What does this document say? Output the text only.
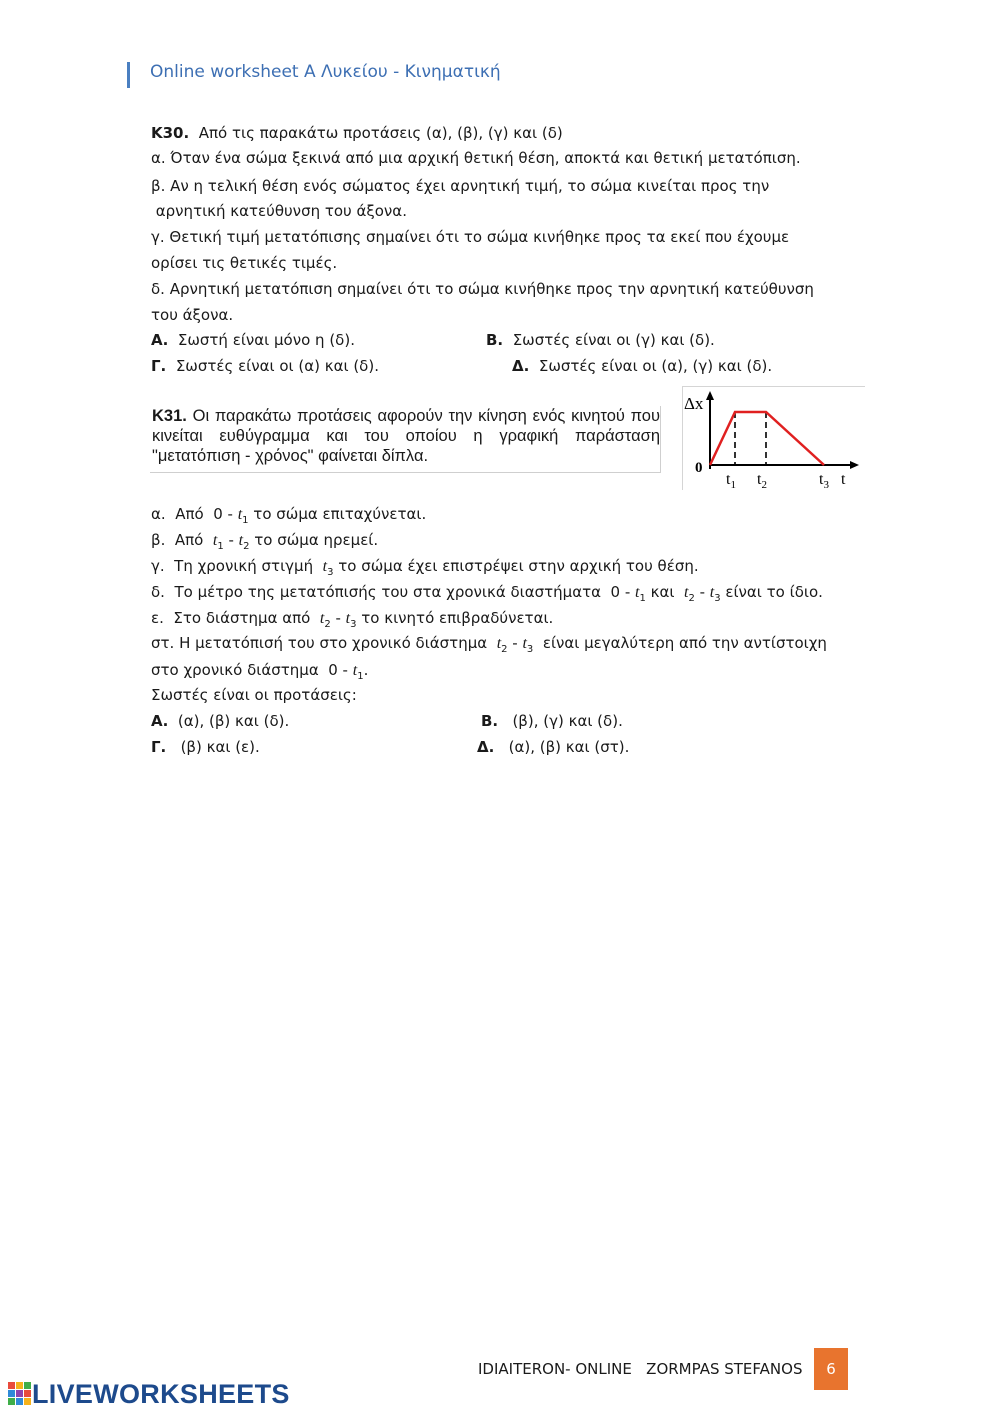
Online worksheet Α Λυκείου - Κινηματική
Κ30. Από τις παρακάτω προτάσεις (α), (β), (γ) και (δ)
α. Όταν ένα σώμα ξεκινά από μια αρχική θετική θέση, αποκτά και θετική μετατόπιση.
β. Αν η τελική θέση ενός σώματος έχει αρνητική τιμή, το σώμα κινείται προς την
αρνητική κατεύθυνση του άξονα.
γ. Θετική τιμή μετατόπισης σημαίνει ότι το σώμα κινήθηκε προς τα εκεί που έχουμε
ορίσει τις θετικές τιμές.
δ. Αρνητική μετατόπιση σημαίνει ότι το σώμα κινήθηκε προς την αρνητική κατεύθυνση
του άξονα.
Α. Σωστή είναι μόνο η (δ).	Β. Σωστές είναι οι (γ) και (δ).
Γ. Σωστές είναι οι (α) και (δ).	Δ. Σωστές είναι οι (α), (γ) και (δ).
Κ31. Οι παρακάτω προτάσεις αφορούν την κίνηση ενός κινητού που κινείται ευθύγραμμα και του οποίου η γραφική παράσταση "μετατόπιση - χρόνος" φαίνεται δίπλα.
Δx
0
$t_1$ $t_2$	$t_3$ t
α.  Από  $0 - t_1$ το σώμα επιταχύνεται.
β.  Από  $t_1 - t_2$ το σώμα ηρεμεί.
γ.  Τη χρονική στιγμή  $t_3$ το σώμα έχει επιστρέψει στην αρχική του θέση.
δ.  Το μέτρο της μετατόπισής του στα χρονικά διαστήματα  $0 - t_1$ και  $t_2 - t_3$ είναι το ίδιο.
ε.  Στο διάστημα από  $t_2 - t_3$ το κινητό επιβραδύνεται.
στ. Η μετατόπισή του στο χρονικό διάστημα  $t_2 - t_3$  είναι μεγαλύτερη από την αντίστοιχη
στο χρονικό διάστημα  $0 - t_1$.
Σωστές είναι οι προτάσεις:
Α. (α), (β) και (δ).	Β. (β), (γ) και (δ).
Γ. (β) και (ε).	Δ. (α), (β) και (στ).
IDIAITERON- ONLINE   ZORMPAS STEFANOS	6
LIVEWORKSHEETS
